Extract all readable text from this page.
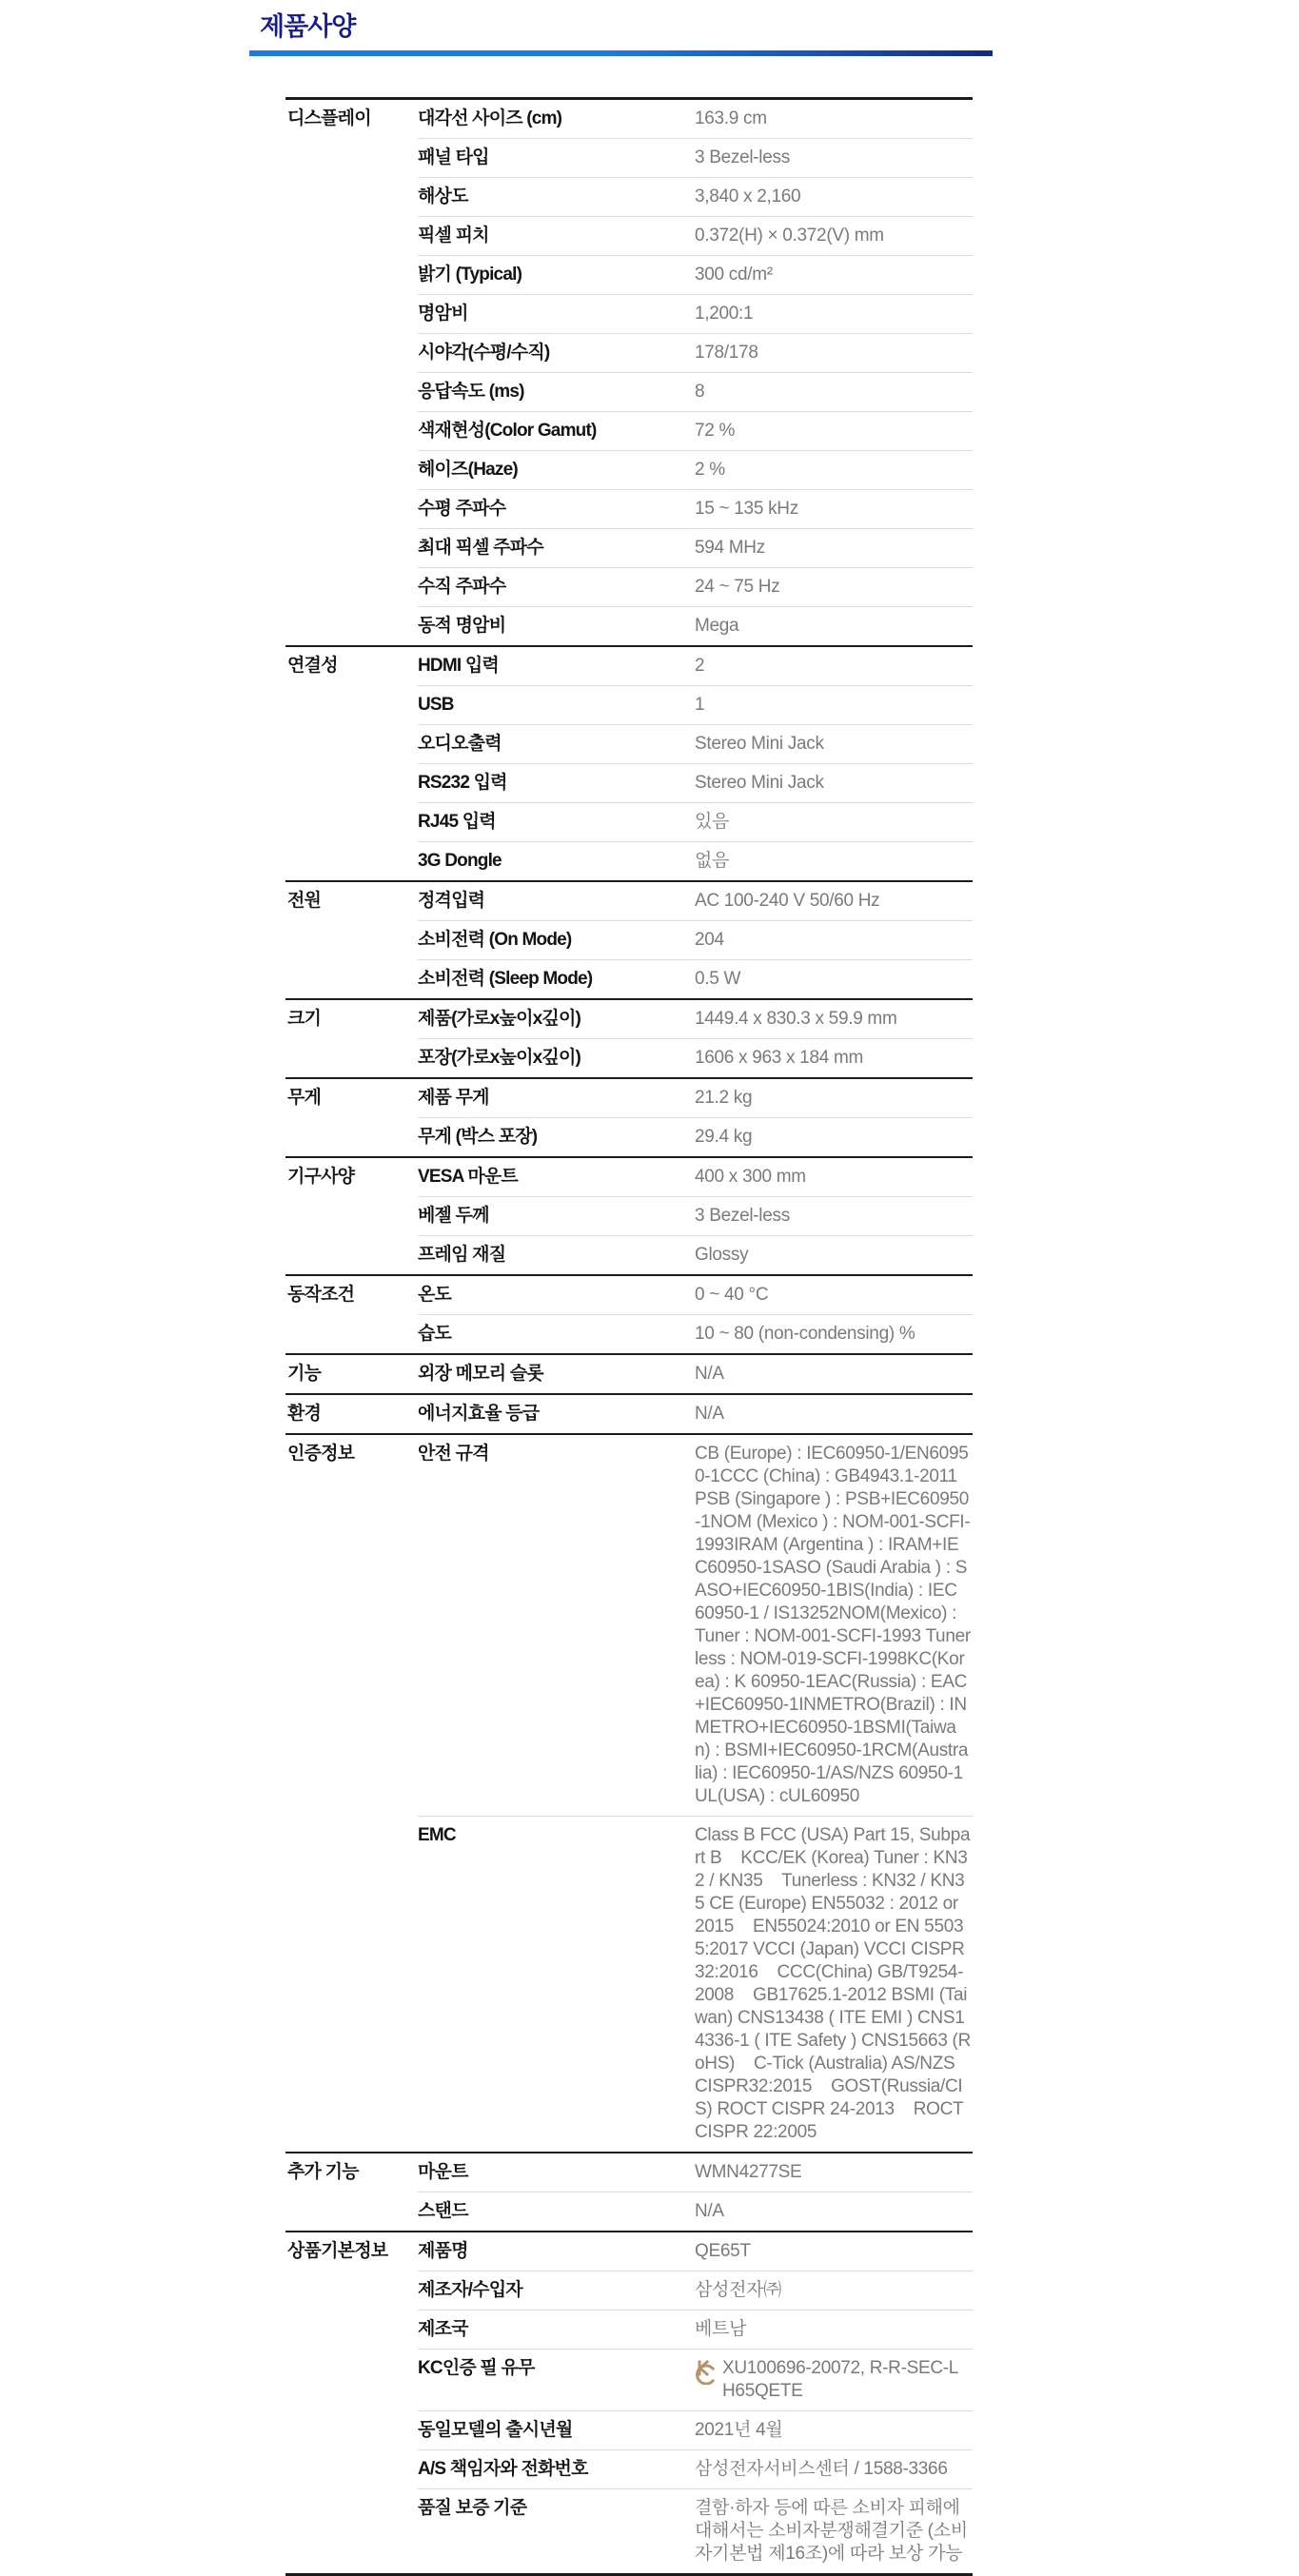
제품사양
디스플레이	대각선 사이즈 (cm)	163.9 cm
패널 타입	3 Bezel-less
해상도	3,840 x 2,160
픽셀 피치	0.372(H) × 0.372(V) mm
밝기 (Typical)	300 cd/m²
명암비	1,200:1
시야각(수평/수직)	178/178
응답속도 (ms)	8
색재현성(Color Gamut)	72 %
헤이즈(Haze)	2 %
수평 주파수	15 ~ 135 kHz
최대 픽셀 주파수	594 MHz
수직 주파수	24 ~ 75 Hz
동적 명암비	Mega
연결성	HDMI 입력	2
USB	1
오디오출력	Stereo Mini Jack
RS232 입력	Stereo Mini Jack
RJ45 입력	있음
3G Dongle	없음
전원	정격입력	AC 100-240 V 50/60 Hz
소비전력 (On Mode)	204
소비전력 (Sleep Mode)	0.5 W
크기	제품(가로x높이x깊이)	1449.4 x 830.3 x 59.9 mm
포장(가로x높이x깊이)	1606 x 963 x 184 mm
무게	제품 무게	21.2 kg
무게 (박스 포장)	29.4 kg
기구사양	VESA 마운트	400 x 300 mm
베젤 두께	3 Bezel-less
프레임 재질	Glossy
동작조건	온도	0 ~ 40 °C
습도	10 ~ 80 (non-condensing) %
기능	외장 메모리 슬롯	N/A
환경	에너지효율 등급	N/A
인증정보	안전 규격	CB (Europe) : IEC60950-1/EN60950-1CCC (China) : GB4943.1-2011 PSB (Singapore ) : PSB+IEC60950-1NOM (Mexico ) : NOM-001-SCFI-1993IRAM (Argentina ) : IRAM+IEC60950-1SASO (Saudi Arabia ) : SASO+IEC60950-1BIS(India) : IEC 60950-1 / IS13252NOM(Mexico) : Tuner : NOM-001-SCFI-1993 Tunerless : NOM-019-SCFI-1998KC(Korea) : K 60950-1EAC(Russia) : EAC+IEC60950-1INMETRO(Brazil) : INMETRO+IEC60950-1BSMI(Taiwan) : BSMI+IEC60950-1RCM(Australia) : IEC60950-1/AS/NZS 60950-1UL(USA) : cUL60950
EMC	Class B FCC (USA) Part 15, Subpart B    KCC/EK (Korea) Tuner : KN32 / KN35    Tunerless : KN32 / KN35 CE (Europe) EN55032 : 2012 or 2015    EN55024:2010 or EN 55035:2017 VCCI (Japan) VCCI CISPR32:2016    CCC(China) GB/T9254-2008    GB17625.1-2012 BSMI (Taiwan) CNS13438 ( ITE EMI ) CNS14336-1 ( ITE Safety ) CNS15663 (RoHS)    C-Tick (Australia) AS/NZS CISPR32:2015    GOST(Russia/CIS) ROCT CISPR 24-2013    ROCT CISPR 22:2005
추가 기능	마운트	WMN4277SE
스탠드	N/A
상품기본정보	제품명	QE65T
제조자/수입자	삼성전자㈜
제조국	베트남
KC인증 필 유무	XU100696-20072, R-R-SEC-LH65QETE
동일모델의 출시년월	2021년 4월
A/S 책임자와 전화번호	삼성전자서비스센터 / 1588-3366
품질 보증 기준	결함·하자 등에 따른 소비자 피해에 대해서는 소비자분쟁해결기준 (소비자기본법 제16조)에 따라 보상 가능
